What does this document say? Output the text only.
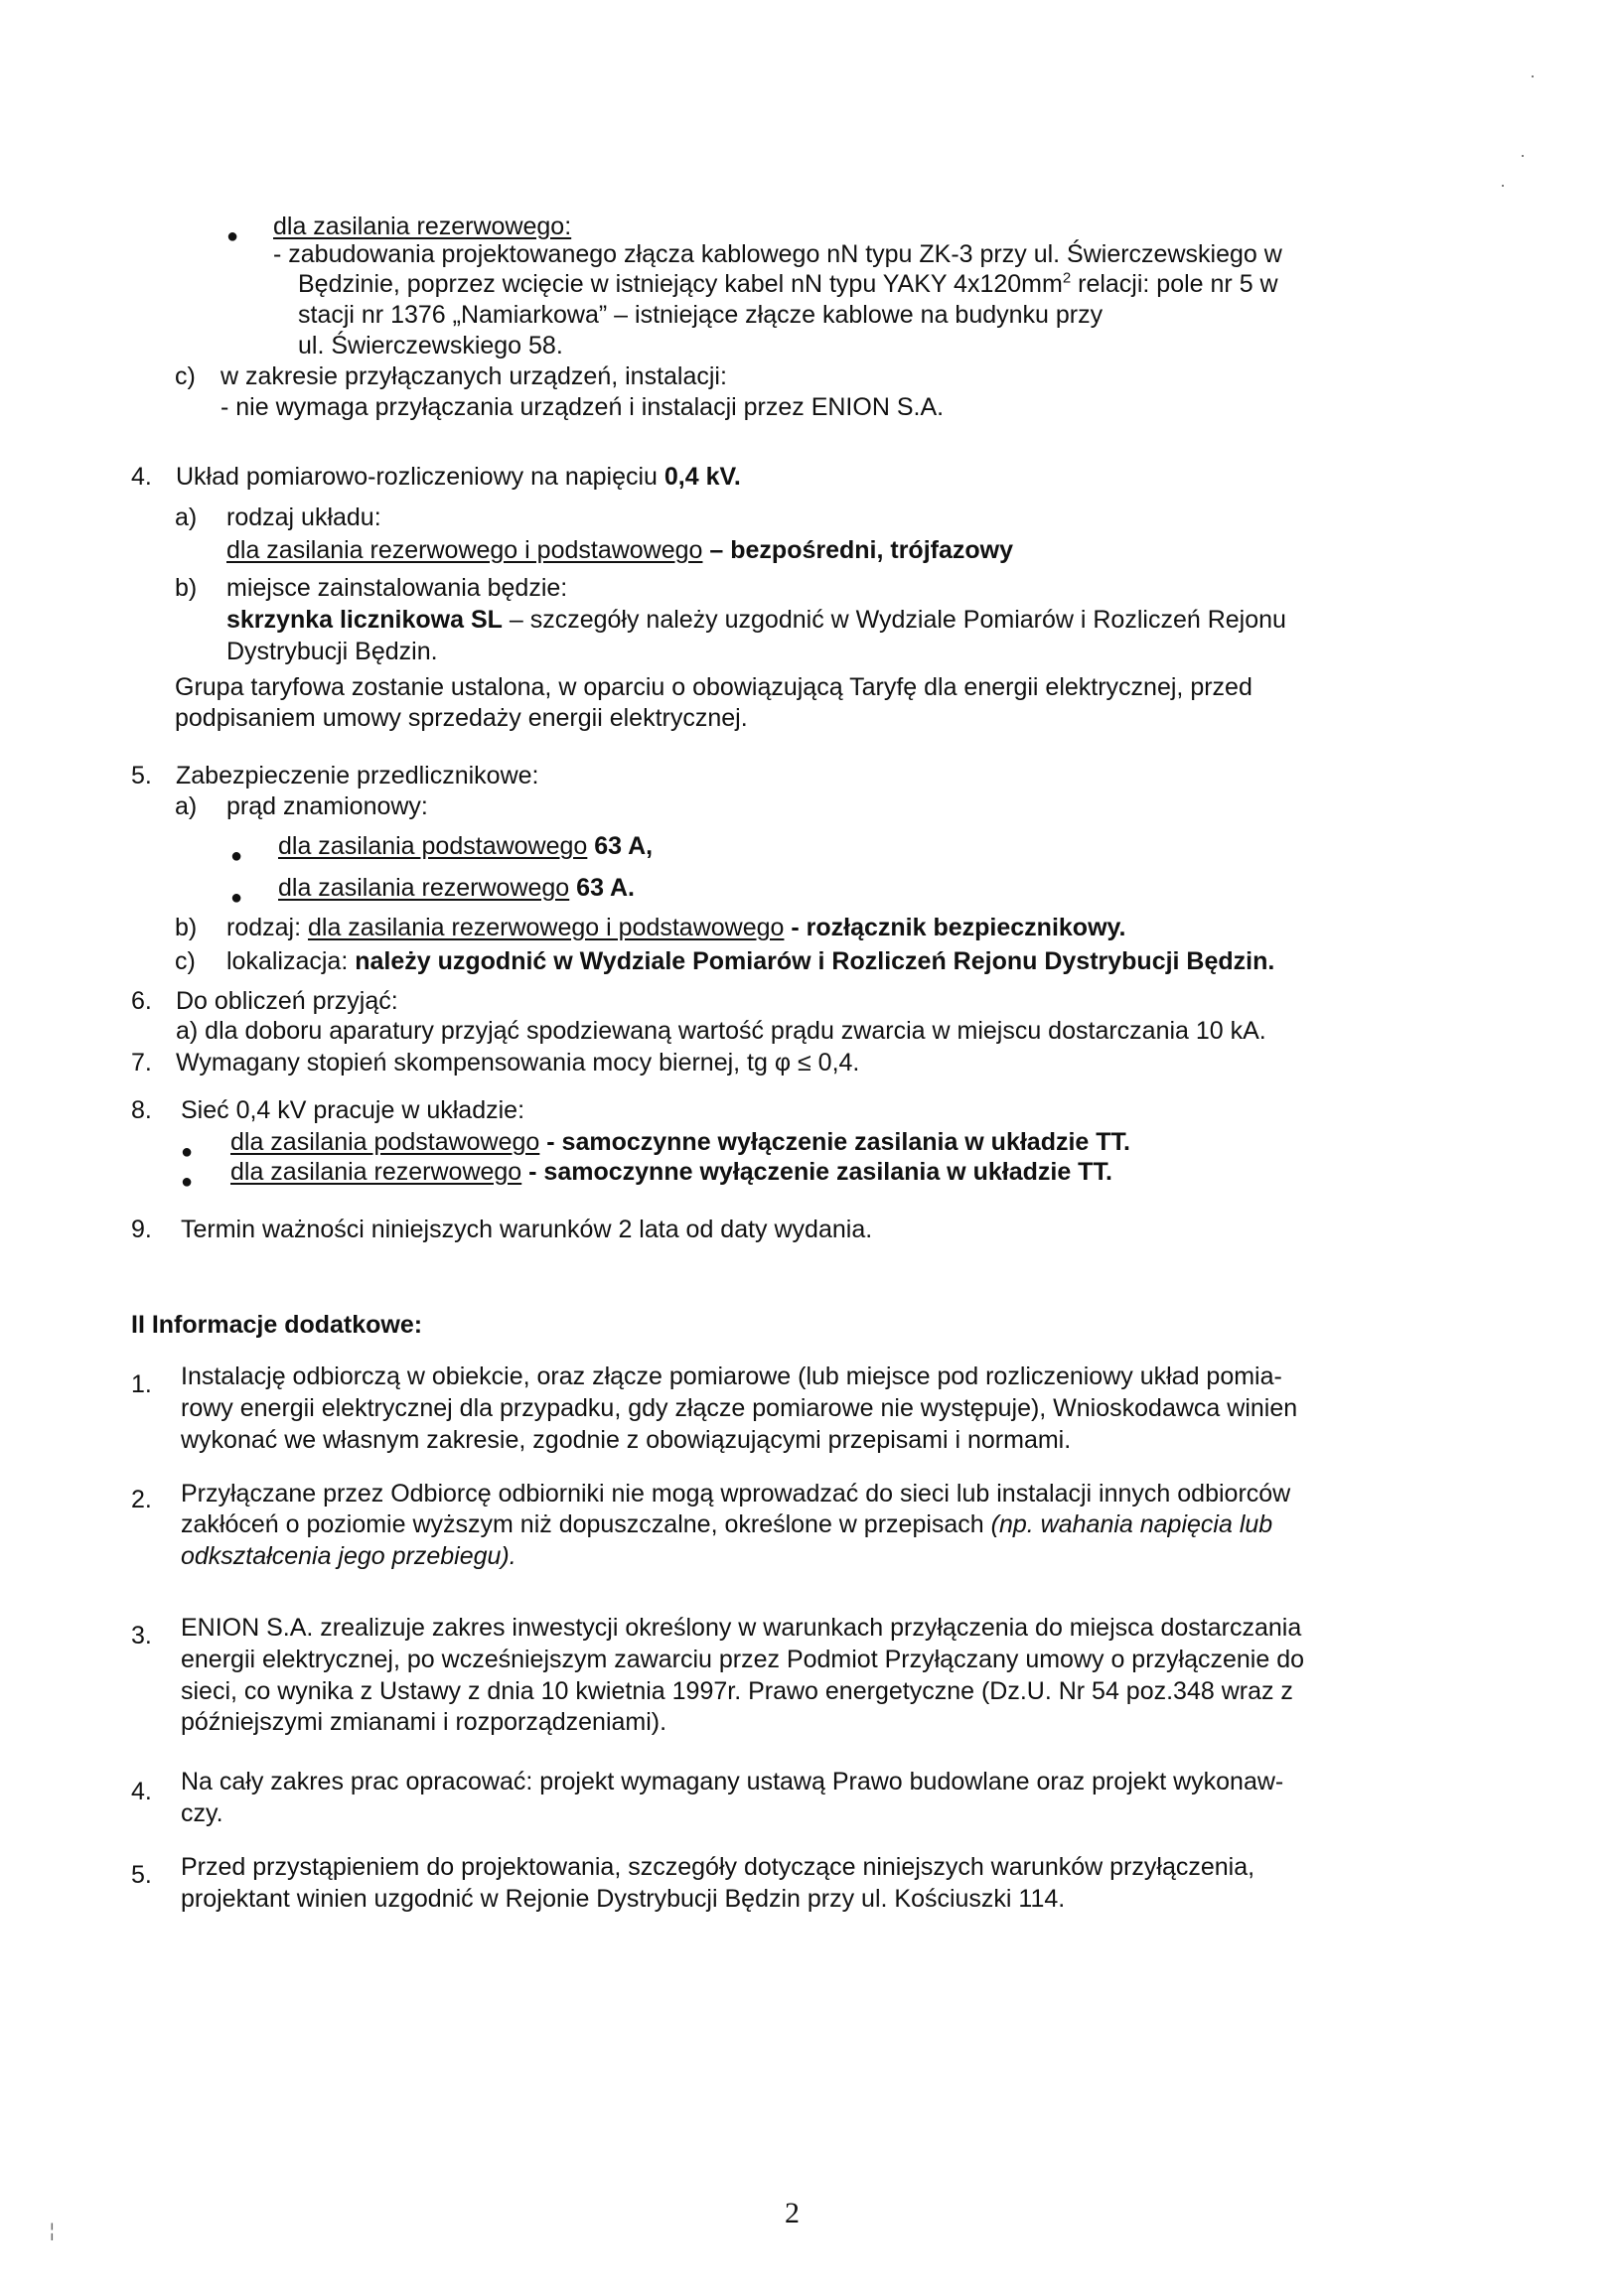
● dla zasilania rezerwowego:
- zabudowania projektowanego złącza kablowego nN typu ZK-3 przy ul. Świerczewskiego w
Będzinie, poprzez wcięcie w istniejący kabel nN typu YAKY $4x120mm^2$ relacji: pole nr 5 w
stacji nr 1376 „Namiarkowa” – istniejące złącze kablowe na budynku przy
ul. Świerczewskiego 58.
c) w zakresie przyłączanych urządzeń, instalacji:
- nie wymaga przyłączania urządzeń i instalacji przez ENION S.A.
4. Układ pomiarowo-rozliczeniowy na napięciu 0,4 kV.
a) rodzaj układu:
dla zasilania rezerwowego i podstawowego – bezpośredni, trójfazowy
b) miejsce zainstalowania będzie:
skrzynka licznikowa SL – szczegóły należy uzgodnić w Wydziale Pomiarów i Rozliczeń Rejonu
Dystrybucji Będzin.
Grupa taryfowa zostanie ustalona, w oparciu o obowiązującą Taryfę dla energii elektrycznej, przed
podpisaniem umowy sprzedaży energii elektrycznej.
5. Zabezpieczenie przedlicznikowe:
a) prąd znamionowy:
● dla zasilania podstawowego 63 A,
● dla zasilania rezerwowego 63 A.
b) rodzaj: dla zasilania rezerwowego i podstawowego - rozłącznik bezpiecznikowy.
c) lokalizacja: należy uzgodnić w Wydziale Pomiarów i Rozliczeń Rejonu Dystrybucji Będzin.
6. Do obliczeń przyjąć:
a) dla doboru aparatury przyjąć spodziewaną wartość prądu zwarcia w miejscu dostarczania 10 kA.
7. Wymagany stopień skompensowania mocy biernej, tg φ ≤ 0,4.
8. Sieć 0,4 kV pracuje w układzie:
● dla zasilania podstawowego - samoczynne wyłączenie zasilania w układzie TT.
● dla zasilania rezerwowego - samoczynne wyłączenie zasilania w układzie TT.
9. Termin ważności niniejszych warunków 2 lata od daty wydania.
II Informacje dodatkowe:
1. Instalację odbiorczą w obiekcie, oraz złącze pomiarowe (lub miejsce pod rozliczeniowy układ pomia-
rowy energii elektrycznej dla przypadku, gdy złącze pomiarowe nie występuje), Wnioskodawca winien
wykonać we własnym zakresie, zgodnie z obowiązującymi przepisami i normami.
2. Przyłączane przez Odbiorcę odbiorniki nie mogą wprowadzać do sieci lub instalacji innych odbiorców
zakłóceń o poziomie wyższym niż dopuszczalne, określone w przepisach (np. wahania napięcia lub
odkształcenia jego przebiegu).
3. ENION S.A. zrealizuje zakres inwestycji określony w warunkach przyłączenia do miejsca dostarczania
energii elektrycznej, po wcześniejszym zawarciu przez Podmiot Przyłączany umowy o przyłączenie do
sieci, co wynika z Ustawy z dnia 10 kwietnia 1997r. Prawo energetyczne (Dz.U. Nr 54 poz.348 wraz z
późniejszymi zmianami i rozporządzeniami).
4. Na cały zakres prac opracować: projekt wymagany ustawą Prawo budowlane oraz projekt wykonaw-
czy.
5. Przed przystąpieniem do projektowania, szczegóły dotyczące niniejszych warunków przyłączenia,
projektant winien uzgodnić w Rejonie Dystrybucji Będzin przy ul. Kościuszki 114.
2
·
·
·
¦
